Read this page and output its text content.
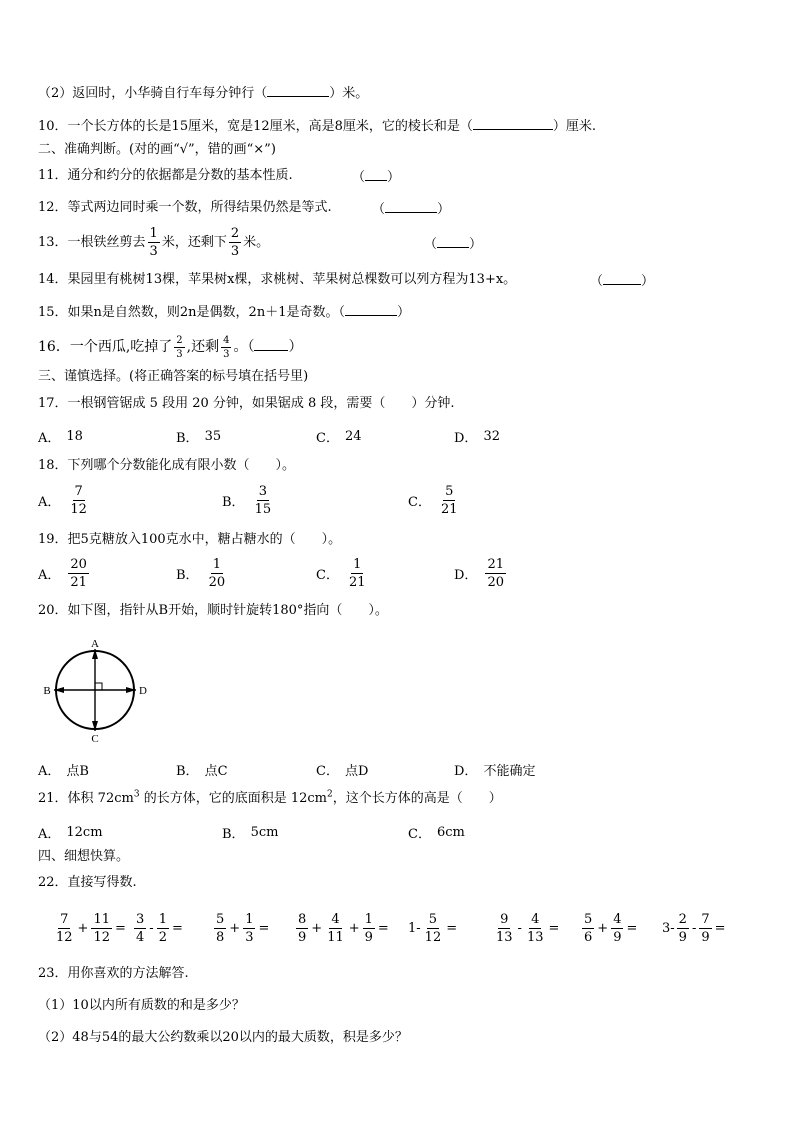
（2）返回时，小华骑自行车每分钟行（	）米。
10．一个长方体的长是15厘米，宽是12厘米，高是8厘米，它的棱长和是（	）厘米.
二、准确判断。(对的画“√”，错的画“×”)
11．通分和约分的依据都是分数的基本性质.	（ ）
12．等式两边同时乘一个数，所得结果仍然是等式.	（	）
13．一根铁丝剪去 $\frac{1}{3}$ 米，还剩下 $\frac{2}{3}$ 米。	（ ）
14．果园里有桃树13棵，苹果树x棵，求桃树、苹果树总棵数可以列方程为13+x。	（	）
15．如果n是自然数，则2n是偶数，2n＋1是奇数。（	）
16．一个西瓜,吃掉了 $\frac{2}{3}$ ,还剩 $\frac{4}{3}$ 。（ ）
三、谨慎选择。(将正确答案的标号填在括号里)
17．一根钢管锯成 5 段用 20 分钟，如果锯成 8 段，需要（　　）分钟.
A． 18	B． 35	C． 24	D． 32
18．下列哪个分数能化成有限小数（　　）。
A． $\frac{7}{12}$	B． $\frac{3}{15}$	C． $\frac{5}{21}$
19．把5克糖放入100克水中，糖占糖水的（　　）。
A． $\frac{20}{21}$	B． $\frac{1}{20}$	C． $\frac{1}{21}$	D． $\frac{21}{20}$
20．如下图，指针从B开始，顺时针旋转180°指向（　　）。
A
B
C
D
A． 点B	B． 点C	C． 点D	D． 不能确定
21．体积 $72cm^3$ 的长方体，它的底面积是 $12cm^2$，这个长方体的高是（　　）
A． 12cm	B． 5cm	C． 6cm
四、细想快算。
22．直接写得数.
$\frac{7}{12} + \frac{11}{12} = \frac{3}{4} - \frac{1}{2} = \frac{5}{8} + \frac{1}{3} = \frac{8}{9} + \frac{4}{11} + \frac{1}{9} = 1- \frac{5}{12}$ =	$\frac{9}{13} - \frac{4}{13} = \frac{5}{6} + \frac{4}{9} = 3- \frac{2}{9} - \frac{7}{9}$ =
23．用你喜欢的方法解答.
（1）10以内所有质数的和是多少？
（2）48与54的最大公约数乘以20以内的最大质数，积是多少？
